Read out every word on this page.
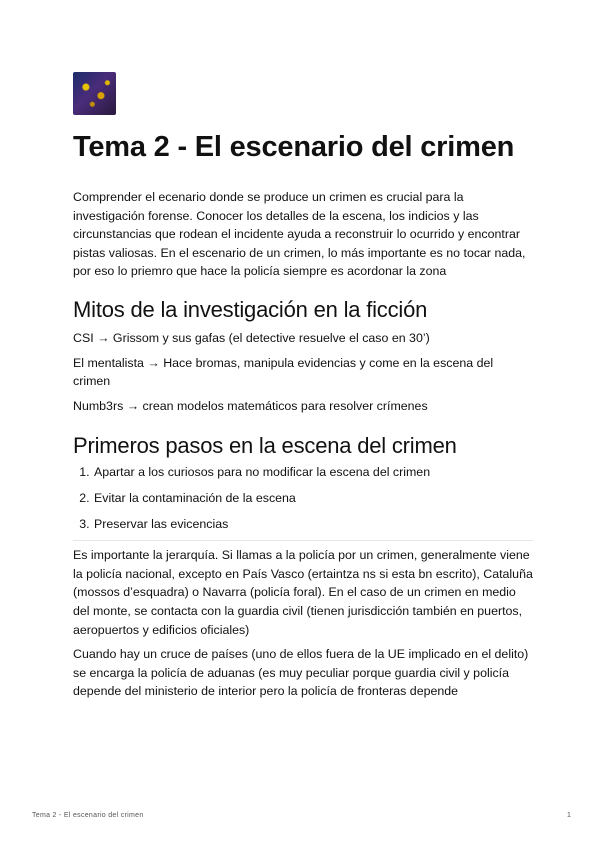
Tema 2 - El escenario del crimen

Comprender el ecenario donde se produce un crimen es crucial para la investigación forense. Conocer los detalles de la escena, los indicios y las circunstancias que rodean el incidente ayuda a reconstruir lo ocurrido y encontrar pistas valiosas. En el escenario de un crimen, lo más importante es no tocar nada, por eso lo priemro que hace la policía siempre es acordonar la zona

Mitos de la investigación en la ficción

CSI → Grissom y sus gafas (el detective resuelve el caso en 30’)

El mentalista → Hace bromas, manipula evidencias y come en la escena del crimen

Numb3rs → crean modelos matemáticos para resolver crímenes

Primeros pasos en la escena del crimen
1. Apartar a los curiosos para no modificar la escena del crimen
2. Evitar la contaminación de la escena
3. Preservar las evicencias

Es importante la jerarquía. Si llamas a la policía por un crimen, generalmente viene la policía nacional, excepto en País Vasco (ertaintza ns si esta bn escrito), Cataluña (mossos d’esquadra) o Navarra (policía foral). En el caso de un crimen en medio del monte, se contacta con la guardia civil (tienen jurisdicción también en puertos, aeropuertos y edificios oficiales)

Cuando hay un cruce de países (uno de ellos fuera de la UE implicado en el delito) se encarga la policía de aduanas (es muy peculiar porque guardia civil y policía depende del ministerio de interior pero la policía de fronteras depende

Tema 2 - El escenario del crimen	1
